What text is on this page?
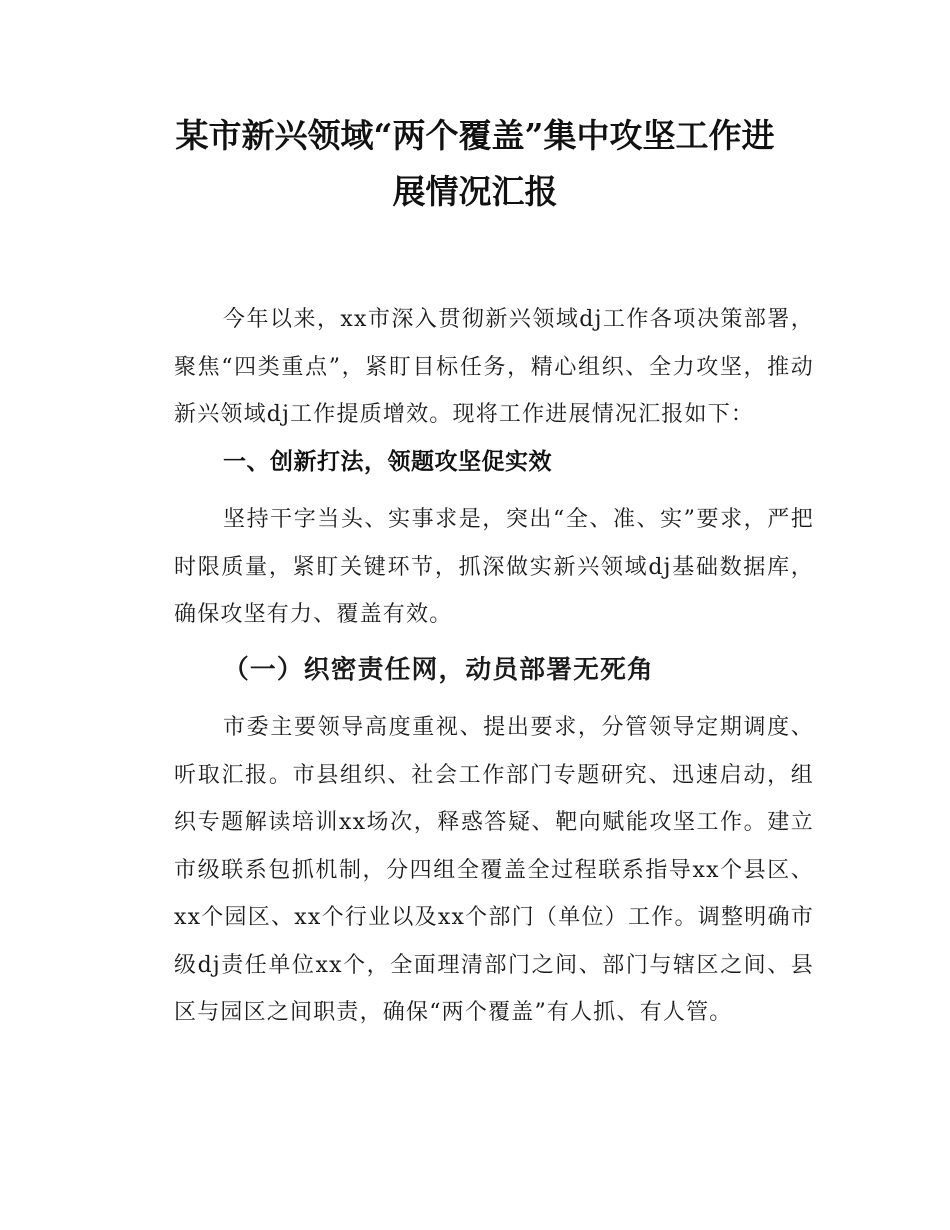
某市新兴领域“两个覆盖”集中攻坚工作进
展情况汇报

今年以来，xx市深入贯彻新兴领域dj工作各项决策部署，聚焦“四类重点”，紧盯目标任务，精心组织、全力攻坚，推动新兴领域dj工作提质增效。现将工作进展情况汇报如下：

一、创新打法，领题攻坚促实效

坚持干字当头、实事求是，突出“全、准、实”要求，严把时限质量，紧盯关键环节，抓深做实新兴领域dj基础数据库，确保攻坚有力、覆盖有效。

（一）织密责任网，动员部署无死角

市委主要领导高度重视、提出要求，分管领导定期调度、听取汇报。市县组织、社会工作部门专题研究、迅速启动，组织专题解读培训xx场次，释惑答疑、靶向赋能攻坚工作。建立市级联系包抓机制，分四组全覆盖全过程联系指导xx个县区、xx个园区、xx个行业以及xx个部门（单位）工作。调整明确市级dj责任单位xx个，全面理清部门之间、部门与辖区之间、县区与园区之间职责，确保“两个覆盖”有人抓、有人管。
